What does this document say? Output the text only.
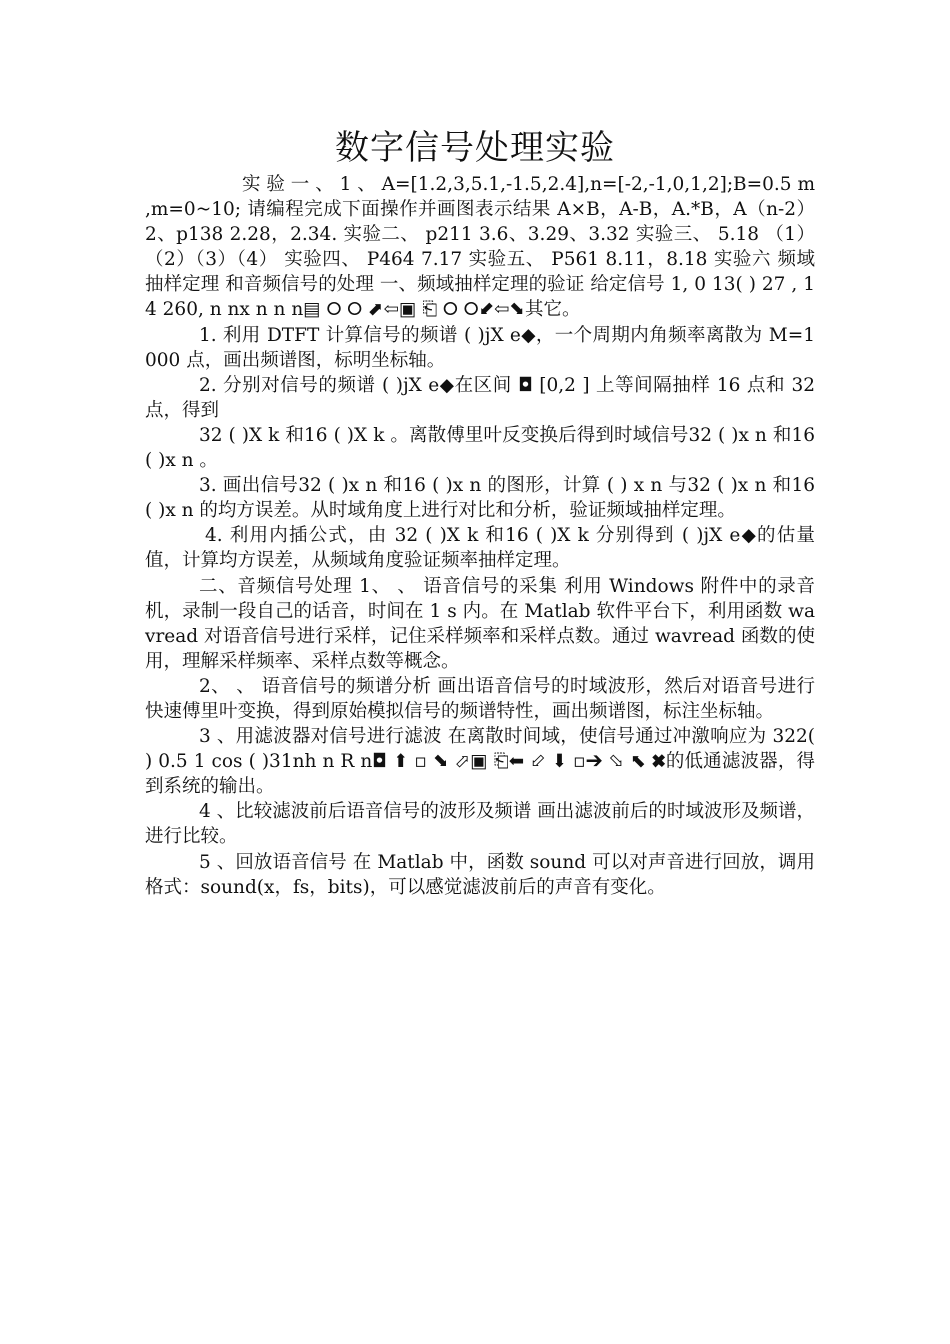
数字信号处理实验

实 验 一 、 1 、 A=[1.2,3,5.1,-1.5,2.4],n=[-2,-1,0,1,2];B=0.5 m ,m=0~10; 请编程完成下面操作并画图表示结果 A×B，A-B，A.*B，A（n-2） 2、p138 2.28，2.34. 实验二、 p211 3.6、3.29、3.32 实验三、 5.18 （1）（2）（3）（4） 实验四、 P464 7.17 实验五、 P561 8.11，8.18 实验六 频域抽样定理 和音频信号的处理 一、频域抽样定理的验证 给定信号 1, 0 13( ) 27 , 14 260, n nx n n n▤ ⭘ ⭘ ⬈⇦▣ ⎗ ⭘ ⭘⬋⇦⬊其它。

1. 利用 DTFT 计算信号的频谱 ( )jX e◆，一个周期内角频率离散为 M=1000 点，画出频谱图，标明坐标轴。

2. 分别对信号的频谱 ( )jX e◆在区间 ◘ [0,2 ] 上等间隔抽样 16 点和 32 点，得到

32 ( )X k 和16 ( )X k 。离散傅里叶反变换后得到时域信号32 ( )x n 和16 ( )x n 。

3. 画出信号32 ( )x n 和16 ( )x n 的图形，计算 ( ) x n 与32 ( )x n 和16 ( )x n 的均方误差。从时域角度上进行对比和分析，验证频域抽样定理。

4. 利用内插公式，由 32 ( )X k 和16 ( )X k 分别得到 ( )jX e◆的估量值，计算均方误差，从频域角度验证频率抽样定理。

二、音频信号处理 1、 、 语音信号的采集 利用 Windows 附件中的录音机，录制一段自己的话音，时间在 1 s 内。在 Matlab 软件平台下，利用函数 wavread 对语音信号进行采样，记住采样频率和采样点数。通过 wavread 函数的使用，理解采样频率、采样点数等概念。

2、 、 语音信号的频谱分析 画出语音信号的时域波形，然后对语音号进行快速傅里叶变换，得到原始模拟信号的频谱特性，画出频谱图，标注坐标轴。

3 、用滤波器对信号进行滤波 在离散时间域，使信号通过冲激响应为 322( ) 0.5 1 cos ( )31nh n R n◘ ⬆ ▫ ⬊ ⬀▣ ⎗⬅ ⬃ ⬇ ▫➔ ⬂ ⬉ ✖的低通滤波器，得到系统的输出。

4 、比较滤波前后语音信号的波形及频谱 画出滤波前后的时域波形及频谱，进行比较。

5 、回放语音信号 在 Matlab 中，函数 sound 可以对声音进行回放，调用格式：sound(x，fs，bits)，可以感觉滤波前后的声音有变化。
